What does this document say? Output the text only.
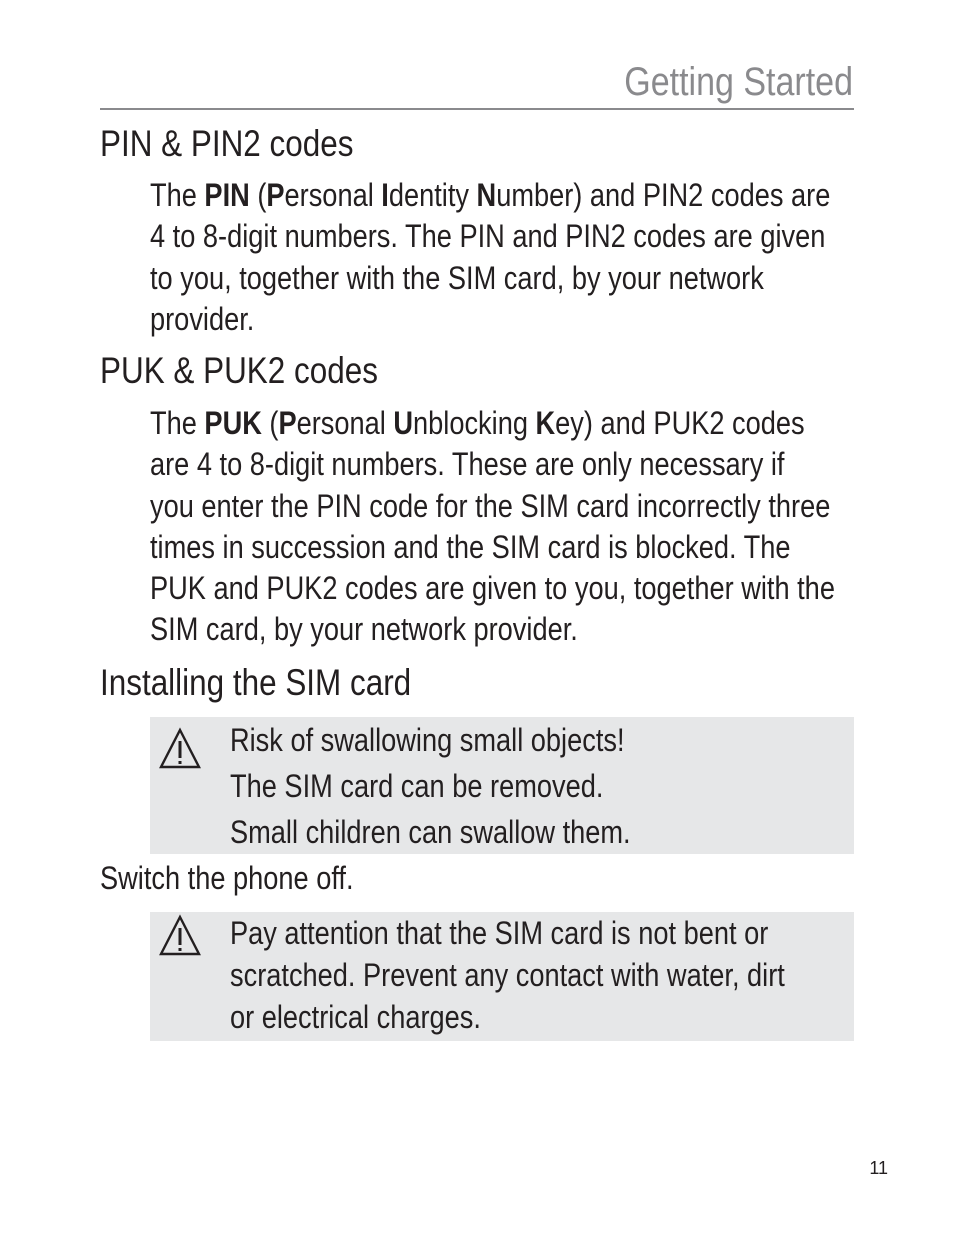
Getting Started
PIN & PIN2 codes
The PIN (Personal Identity Number) and PIN2 codes are
4 to 8-digit numbers. The PIN and PIN2 codes are given
to you, together with the SIM card, by your network
provider.
PUK & PUK2 codes
The PUK (Personal Unblocking Key) and PUK2 codes
are 4 to 8-digit numbers. These are only necessary if
you enter the PIN code for the SIM card incorrectly three
times in succession and the SIM card is blocked. The
PUK and PUK2 codes are given to you, together with the
SIM card, by your network provider.
Installing the SIM card
Risk of swallowing small objects!
The SIM card can be removed.
Small children can swallow them.
Switch the phone off.
Pay attention that the SIM card is not bent or
scratched. Prevent any contact with water, dirt
or electrical charges.
11
